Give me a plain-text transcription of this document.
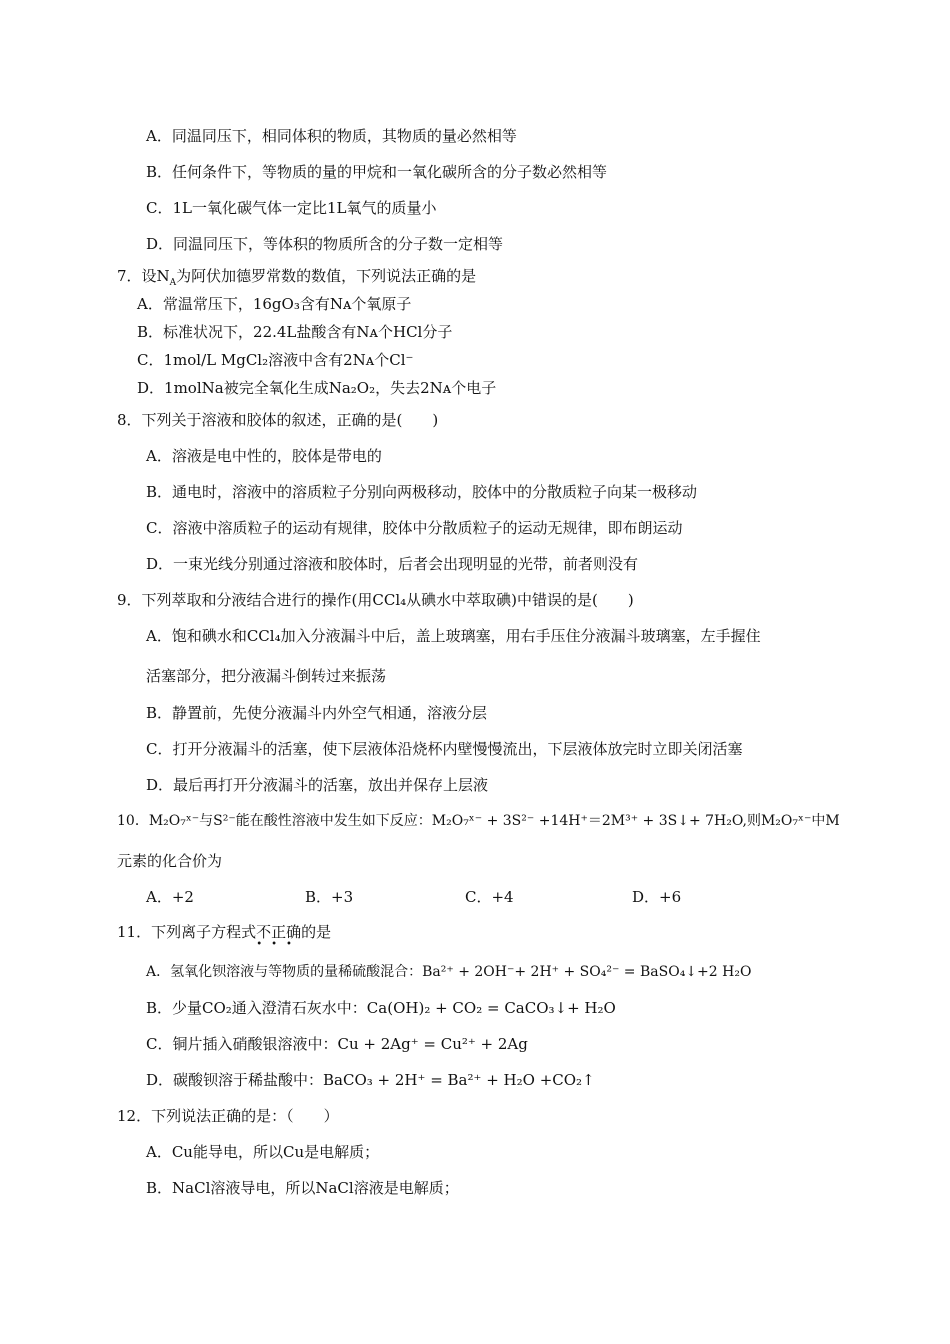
A．同温同压下，相同体积的物质，其物质的量必然相等
B．任何条件下，等物质的量的甲烷和一氧化碳所含的分子数必然相等
C．1L一氧化碳气体一定比1L氧气的质量小
D．同温同压下，等体积的物质所含的分子数一定相等
7．设$N_A$为阿伏加德罗常数的数值，下列说法正确的是
A．常温常压下，16gO₃含有Nᴀ个氧原子
B．标准状况下，22.4L盐酸含有Nᴀ个HCl分子
C．1mol/L MgCl₂溶液中含有2Nᴀ个Cl⁻
D．1molNa被完全氧化生成Na₂O₂，失去2Nᴀ个电子
8．下列关于溶液和胶体的叙述，正确的是(　　)
A．溶液是电中性的，胶体是带电的
B．通电时，溶液中的溶质粒子分别向两极移动，胶体中的分散质粒子向某一极移动
C．溶液中溶质粒子的运动有规律，胶体中分散质粒子的运动无规律，即布朗运动
D．一束光线分别通过溶液和胶体时，后者会出现明显的光带，前者则没有
9．下列萃取和分液结合进行的操作(用CCl₄从碘水中萃取碘)中错误的是(　　)
A．饱和碘水和CCl₄加入分液漏斗中后，盖上玻璃塞，用右手压住分液漏斗玻璃塞，左手握住
活塞部分，把分液漏斗倒转过来振荡
B．静置前，先使分液漏斗内外空气相通，溶液分层
C．打开分液漏斗的活塞，使下层液体沿烧杯内壁慢慢流出，下层液体放完时立即关闭活塞
D．最后再打开分液漏斗的活塞，放出并保存上层液
10．M₂O₇ˣ⁻与S²⁻能在酸性溶液中发生如下反应：M₂O₇ˣ⁻ + 3S²⁻ +14H⁺＝2M³⁺ + 3S↓+ 7H₂O,则M₂O₇ˣ⁻中M
元素的化合价为
A．+2	B．+3	C．+4	D．+6
11．下列离子方程式不正确
•••
的是
A．氢氧化钡溶液与等物质的量稀硫酸混合：Ba²⁺ + 2OH⁻+ 2H⁺ + SO₄²⁻ = BaSO₄↓+2 H₂O
B．少量CO₂通入澄清石灰水中：Ca(OH)₂ + CO₂ = CaCO₃↓+ H₂O
C．铜片插入硝酸银溶液中：Cu + 2Ag⁺ = Cu²⁺ + 2Ag
D．碳酸钡溶于稀盐酸中：BaCO₃ + 2H⁺ = Ba²⁺ + H₂O +CO₂↑
12．下列说法正确的是：（　　）
A．Cu能导电，所以Cu是电解质；
B．NaCl溶液导电，所以NaCl溶液是电解质；
